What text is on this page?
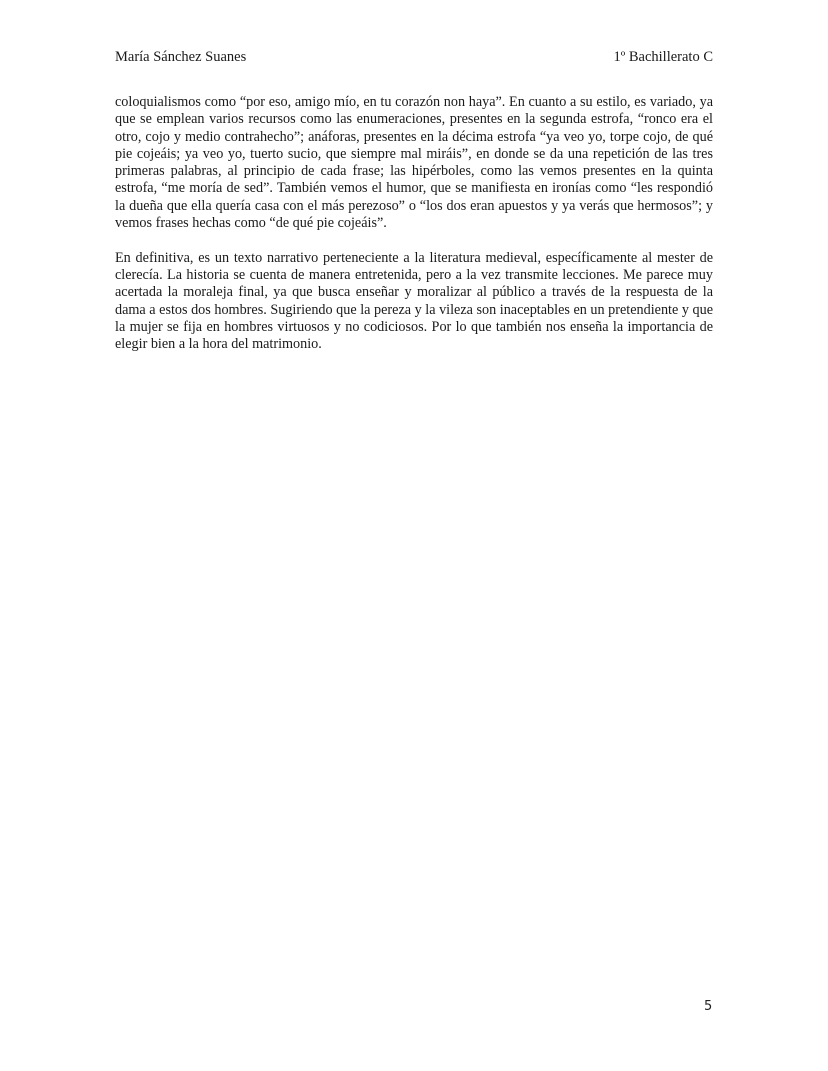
María Sánchez Suanes	1º Bachillerato C

coloquialismos como “por eso, amigo mío, en tu corazón non haya”. En cuanto a su estilo, es variado, ya que se emplean varios recursos como las enumeraciones, presentes en la segunda estrofa, “ronco era el otro, cojo y medio contrahecho”; anáforas, presentes en la décima estrofa “ya veo yo, torpe cojo, de qué pie cojeáis; ya veo yo, tuerto sucio, que siempre mal miráis”, en donde se da una repetición de las tres primeras palabras, al principio de cada frase; las hipérboles, como las vemos presentes en la quinta estrofa, “me moría de sed”. También vemos el humor, que se manifiesta en ironías como “les respondió la dueña que ella quería casa con el más perezoso” o “los dos eran apuestos y ya verás que hermosos”; y vemos frases hechas como “de qué pie cojeáis”.

En definitiva, es un texto narrativo perteneciente a la literatura medieval, específicamente al mester de clerecía. La historia se cuenta de manera entretenida, pero a la vez transmite lecciones. Me parece muy acertada la moraleja final, ya que busca enseñar y moralizar al público a través de la respuesta de la dama a estos dos hombres. Sugiriendo que la pereza y la vileza son inaceptables en un pretendiente y que la mujer se fija en hombres virtuosos y no codiciosos. Por lo que también nos enseña la importancia de elegir bien a la hora del matrimonio.

5
